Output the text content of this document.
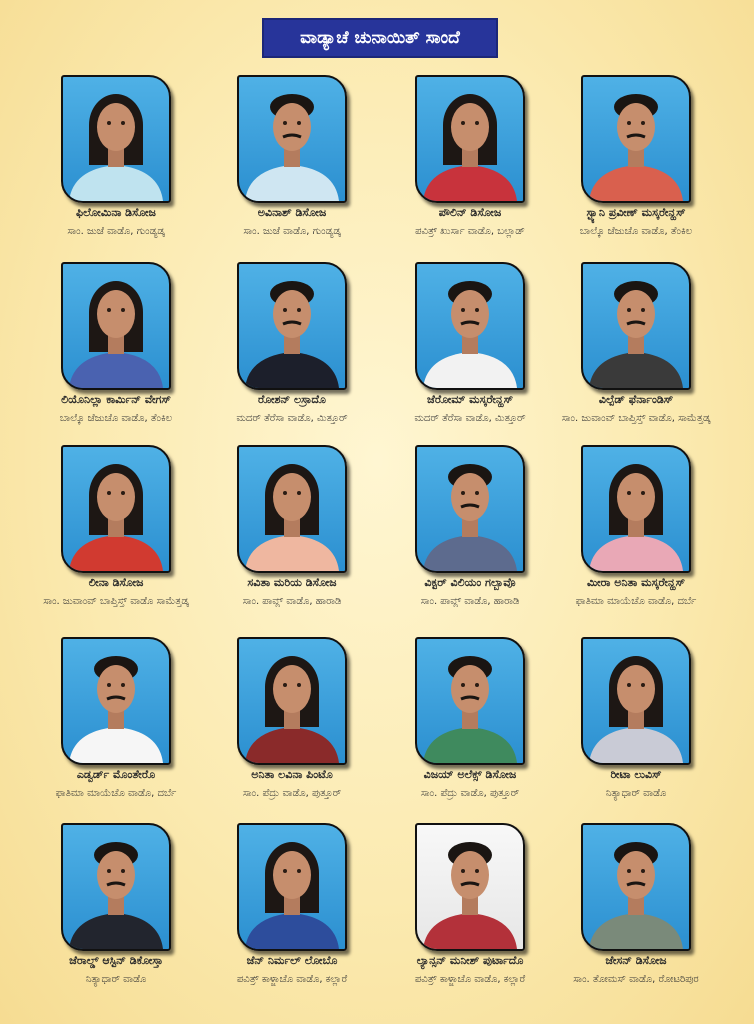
ವಾಡ್ಯಾಚೆ ಚುನಾಯಿತ್ ಸಾಂದೆ
ಫಿಲೋಮಿನಾ ಡಿಸೋಜ
ಸಾಂ. ಜುಜೆ ವಾಡೊ, ಗುಂಡ್ಯಡ್ಕ
ಅವಿನಾಶ್ ಡಿಸೋಜ
ಸಾಂ. ಜುಜೆ ವಾಡೊ, ಗುಂಡ್ಯಡ್ಕ
ಪೌಲಿನ್ ಡಿಸೋಜ
ಪವಿತ್ರ್ ಖುರ್ಸಾ ವಾಡೊ, ಬಲ್ಲಾಡ್
ಸ್ಟ್ಯಾನಿ ಪ್ರವೀಣ್ ಮಸ್ಕರೇನ್ಹಸ್
ಬಾಲ್ಕೊ ಜೆಜುಚೊ ವಾಡೊ, ತೆಂಕಿಲ
ಲಿಯೊನಿಲ್ಲಾ ಕಾರ್ಮಿನ್ ವೇಗಸ್
ಬಾಲ್ಕೊ ಜೆಜುಚೊ ವಾಡೊ, ತೆಂಕಿಲ
ರೋಶನ್ ಲಸ್ರಾದೊ
ಮದರ್ ತೆರೆಸಾ ವಾಡೊ, ಮಿತ್ತೂರ್
ಜೆರೋಮ್ ಮಸ್ಕರೇನ್ಹಸ್
ಮದರ್ ತೆರೆಸಾ ವಾಡೊ, ಮಿತ್ತೂರ್
ವಿಲ್ಪೆಡ್ ಫೆರ್ನಾಂಡಿಸ್
ಸಾಂ. ಜುವಾಂವ್ ಬಾಪ್ತಿಸ್ತ್ ವಾಡೊ, ಸಾಮೆತ್ತಡ್ಕ
ಲೀನಾ ಡಿಸೋಜ
ಸಾಂ. ಜುವಾಂವ್ ಬಾಪ್ತಿಸ್ತ್ ವಾಡೊ ಸಾಮೆತ್ತಡ್ಕ
ಸವಿತಾ ಮರಿಯ ಡಿಸೋಜ
ಸಾಂ. ಪಾವ್ಲ್ ವಾಡೊ, ಹಾರಾಡಿ
ವಿಕ್ಟರ್ ವಿಲಿಯಂ ಗಲ್ಬಾವೊ
ಸಾಂ. ಪಾವ್ಲ್ ವಾಡೊ, ಹಾರಾಡಿ
ಮೀರಾ ಅನಿತಾ ಮಸ್ಕರೇನ್ಹಸ್
ಫಾತಿಮಾ ಮಾಯೆಚೊ ವಾಡೊ, ದರ್ಬೆ
ಎಡ್ವರ್ಡ್ ಮೊಂತೇರೊ
ಫಾತಿಮಾ ಮಾಯೆಚೊ ವಾಡೊ, ದರ್ಬೆ
ಅನಿತಾ ಲವಿನಾ ಪಿಂಟೊ
ಸಾಂ. ಪೆದ್ರು ವಾಡೊ, ಪುತ್ತೂರ್
ವಿಜಯ್ ಅಲೆಕ್ಸ್ ಡಿಸೋಜ
ಸಾಂ. ಪೆದ್ರು ವಾಡೊ, ಪುತ್ತೂರ್
ರೀಟಾ ಲುವಿಸ್
ನಿತ್ಯಾಧಾರ್ ವಾಡೊ
ಜೆರಾಲ್ಡ್ ಆಸ್ಟಿನ್ ಡಿಕೋಸ್ತಾ
ನಿತ್ಯಾಧಾರ್ ವಾಡೊ
ಜೆನ್ ನಿರ್ಮಲ್ ಲೋಬೊ
ಪವಿತ್ರ್ ಕಾಳ್ಜಾಚೊ ವಾಡೊ, ಕಲ್ಲಾರೆ
ಲ್ಯಾನ್ಸನ್ ಮನೀಶ್ ಪುರ್ಟಾದೊ
ಪವಿತ್ರ್ ಕಾಳ್ಜಾಚೊ ವಾಡೊ, ಕಲ್ಲಾರೆ
ಜೇಸನ್ ಡಿಸೋಜ
ಸಾಂ. ತೋಮಸ್ ವಾಡೊ, ರೋಟರಿಪುರ
